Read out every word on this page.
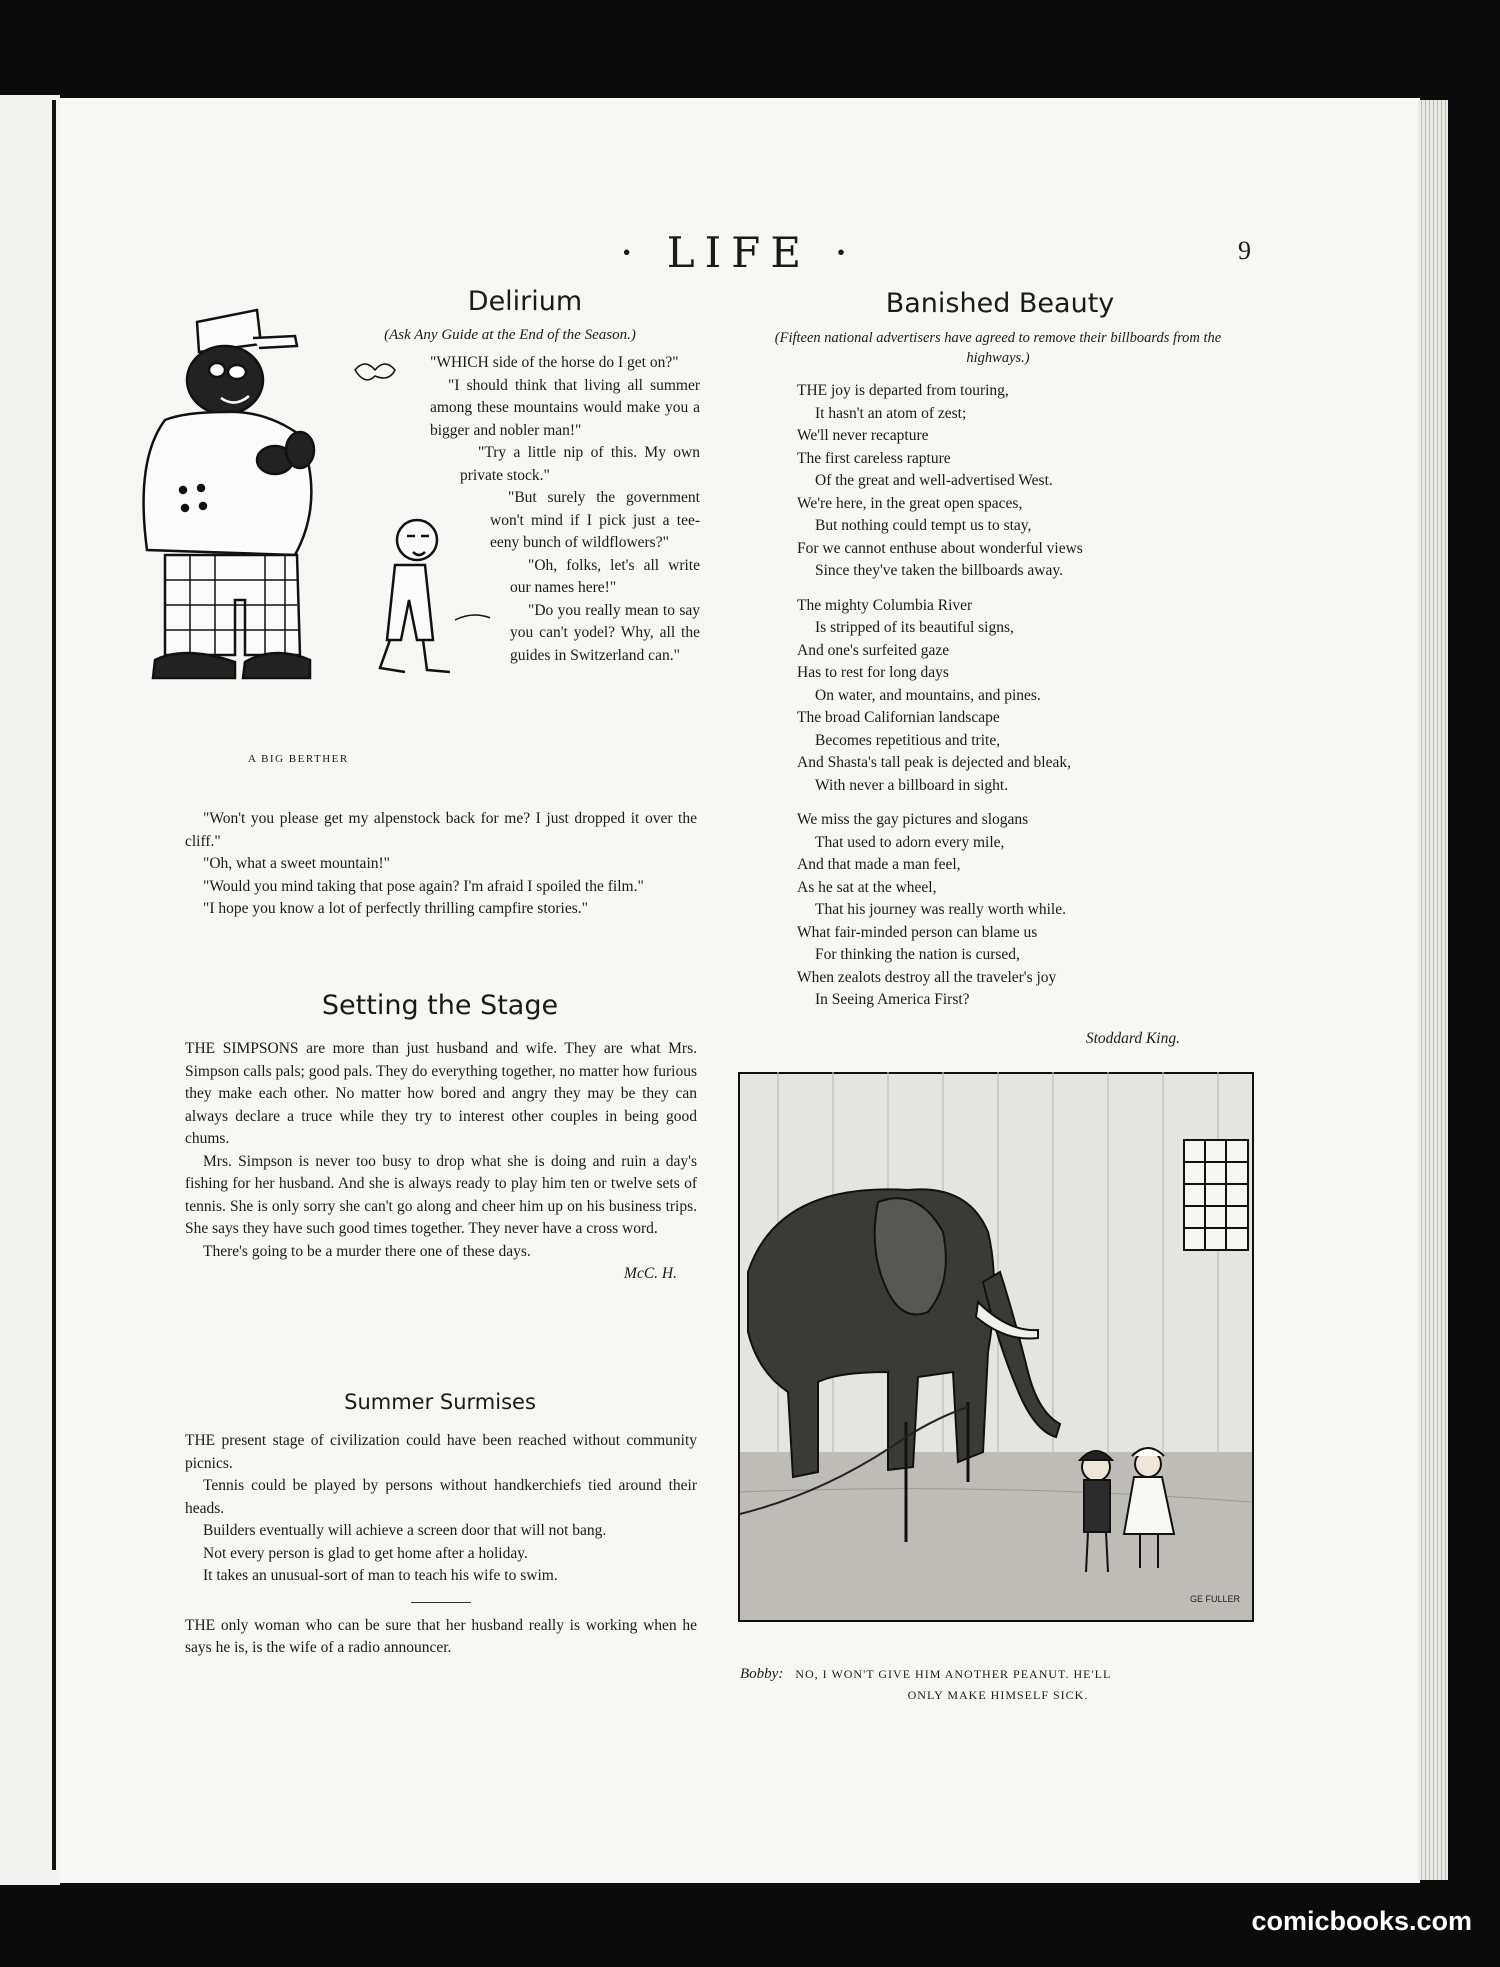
· LIFE ·	9
Delirium
(Ask Any Guide at the End of the Season.)
A BIG BERTHER

"WHICH side of the horse do I get on?"

"I should think that living all summer among these mountains would make you a bigger and nobler man!"

"Try a little nip of this. My own private stock."

"But surely the government won't mind if I pick just a tee-eeny bunch of wildflowers?"

"Oh, folks, let's all write our names here!"

"Do you really mean to say you can't yodel? Why, all the guides in Switzerland can."

"Won't you please get my alpenstock back for me? I just dropped it over the cliff."

"Oh, what a sweet mountain!"

"Would you mind taking that pose again? I'm afraid I spoiled the film."

"I hope you know a lot of perfectly thrilling campfire stories."

Setting the Stage

THE SIMPSONS are more than just husband and wife. They are what Mrs. Simpson calls pals; good pals. They do everything together, no matter how furious they make each other. No matter how bored and angry they may be they can always declare a truce while they try to interest other couples in being good chums.

Mrs. Simpson is never too busy to drop what she is doing and ruin a day's fishing for her husband. And she is always ready to play him ten or twelve sets of tennis. She is only sorry she can't go along and cheer him up on his business trips. She says they have such good times together. They never have a cross word.

There's going to be a murder there one of these days.

McC. H.

Summer Surmises

THE present stage of civilization could have been reached without community picnics.

Tennis could be played by persons without handkerchiefs tied around their heads.

Builders eventually will achieve a screen door that will not bang.

Not every person is glad to get home after a holiday.

It takes an unusual-sort of man to teach his wife to swim.

THE only woman who can be sure that her husband really is working when he says he is, is the wife of a radio announcer.

Banished Beauty
(Fifteen national advertisers have agreed to remove their billboards from the highways.)

THE joy is departed from touring,

It hasn't an atom of zest;

We'll never recapture

The first careless rapture

Of the great and well-advertised West.

We're here, in the great open spaces,

But nothing could tempt us to stay,

For we cannot enthuse about wonderful views

Since they've taken the billboards away.

The mighty Columbia River

Is stripped of its beautiful signs,

And one's surfeited gaze

Has to rest for long days

On water, and mountains, and pines.

The broad Californian landscape

Becomes repetitious and trite,

And Shasta's tall peak is dejected and bleak,

With never a billboard in sight.

We miss the gay pictures and slogans

That used to adorn every mile,

And that made a man feel,

As he sat at the wheel,

That his journey was really worth while.

What fair-minded person can blame us

For thinking the nation is cursed,

When zealots destroy all the traveler's joy

In Seeing America First?

Stoddard King.
GE FULLER
Bobby: NO, I WON'T GIVE HIM ANOTHER PEANUT. HE'LL
ONLY MAKE HIMSELF SICK.
comicbooks.com
